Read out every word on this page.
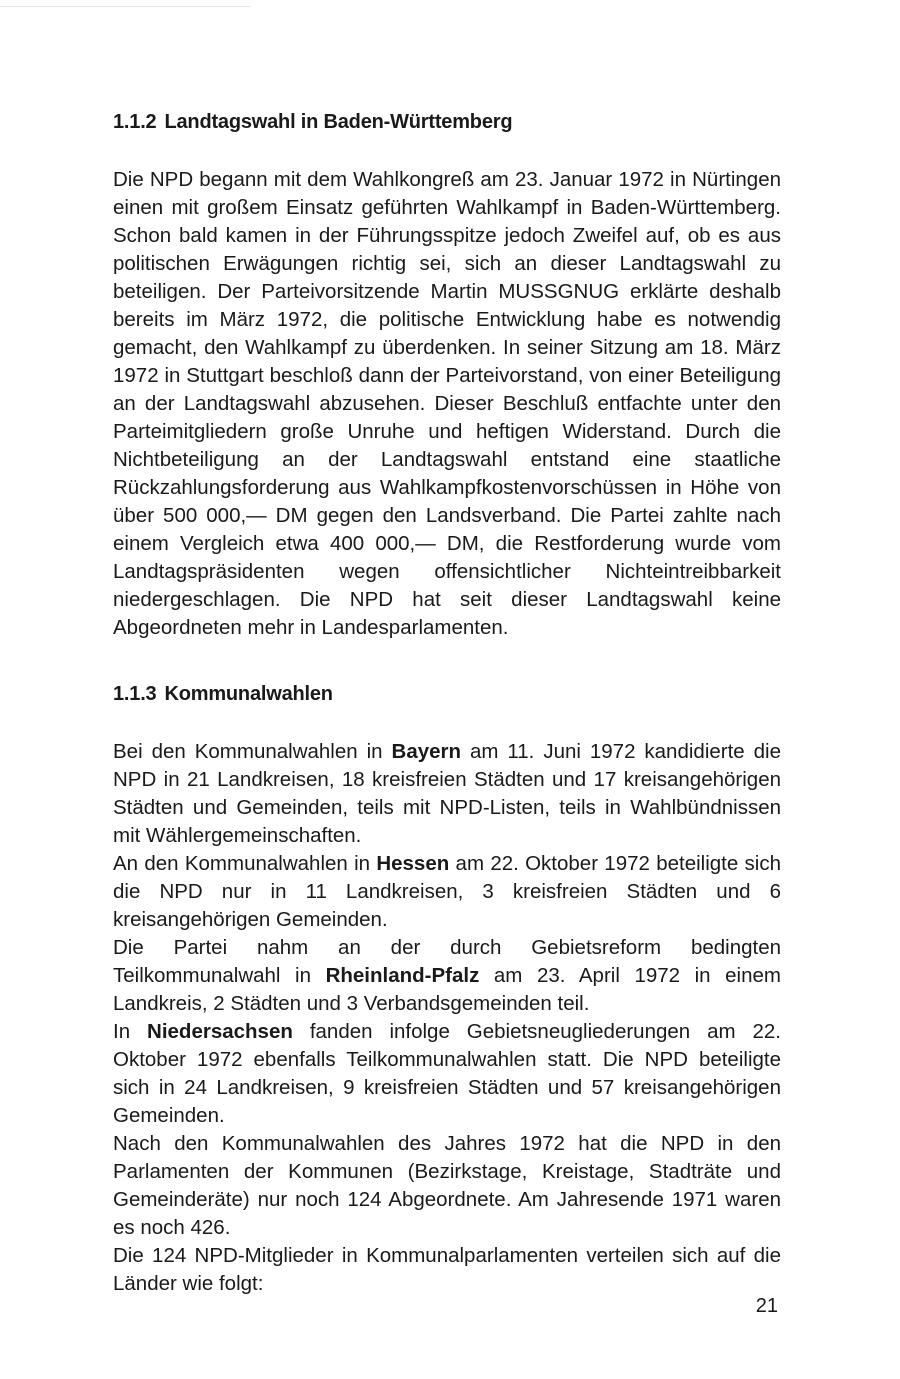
1.1.2 Landtagswahl in Baden-Württemberg

Die NPD begann mit dem Wahlkongreß am 23. Januar 1972 in Nürtingen einen mit großem Einsatz geführten Wahlkampf in Baden-Württemberg. Schon bald kamen in der Führungsspitze jedoch Zweifel auf, ob es aus politischen Erwägungen richtig sei, sich an dieser Landtagswahl zu beteiligen. Der Parteivorsitzende Martin MUSSGNUG erklärte deshalb bereits im März 1972, die politische Entwicklung habe es notwendig gemacht, den Wahlkampf zu überdenken. In seiner Sitzung am 18. März 1972 in Stuttgart beschloß dann der Parteivorstand, von einer Beteiligung an der Landtagswahl abzusehen. Dieser Beschluß entfachte unter den Parteimitgliedern große Unruhe und heftigen Widerstand. Durch die Nichtbeteiligung an der Landtagswahl entstand eine staatliche Rückzahlungsforderung aus Wahlkampfkostenvorschüssen in Höhe von über 500 000,— DM gegen den Landsverband. Die Partei zahlte nach einem Vergleich etwa 400 000,— DM, die Restforderung wurde vom Landtagspräsidenten wegen offensichtlicher Nichteintreibbarkeit niedergeschlagen. Die NPD hat seit dieser Landtagswahl keine Abgeordneten mehr in Landesparlamenten.

1.1.3 Kommunalwahlen

Bei den Kommunalwahlen in Bayern am 11. Juni 1972 kandidierte die NPD in 21 Landkreisen, 18 kreisfreien Städten und 17 kreisangehörigen Städten und Gemeinden, teils mit NPD-Listen, teils in Wahlbündnissen mit Wählergemeinschaften.

An den Kommunalwahlen in Hessen am 22. Oktober 1972 beteiligte sich die NPD nur in 11 Landkreisen, 3 kreisfreien Städten und 6 kreisangehörigen Gemeinden.

Die Partei nahm an der durch Gebietsreform bedingten Teilkommunalwahl in Rheinland-Pfalz am 23. April 1972 in einem Landkreis, 2 Städten und 3 Verbandsgemeinden teil.

In Niedersachsen fanden infolge Gebietsneugliederungen am 22. Oktober 1972 ebenfalls Teilkommunalwahlen statt. Die NPD beteiligte sich in 24 Landkreisen, 9 kreisfreien Städten und 57 kreisangehörigen Gemeinden.

Nach den Kommunalwahlen des Jahres 1972 hat die NPD in den Parlamenten der Kommunen (Bezirkstage, Kreistage, Stadträte und Gemeinderäte) nur noch 124 Abgeordnete. Am Jahresende 1971 waren es noch 426.

Die 124 NPD-Mitglieder in Kommunalparlamenten verteilen sich auf die Länder wie folgt:

21
